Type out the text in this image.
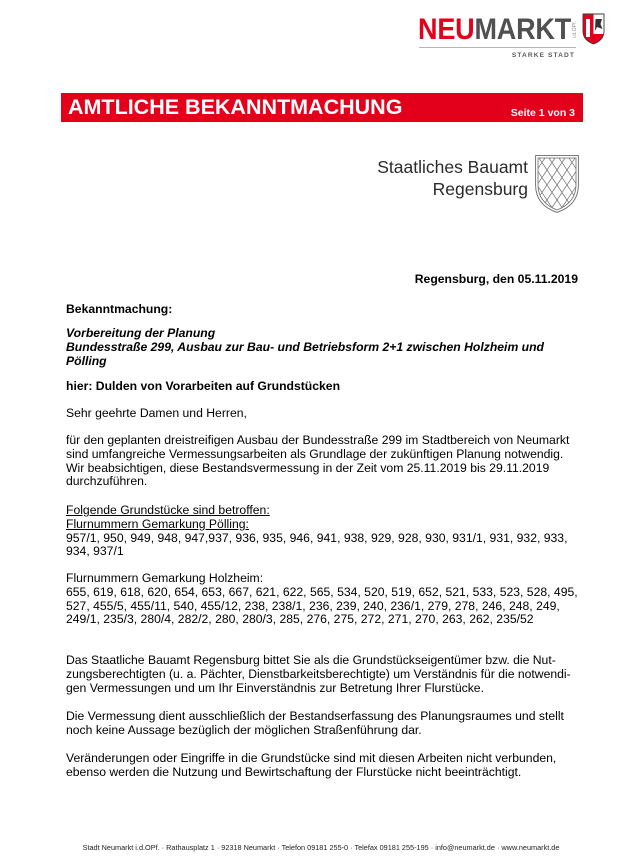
NEUMARKT i.d.OPf.
STARKE STADT
AMTLICHE BEKANNTMACHUNG	Seite 1 von 3
Staatliches Bauamt
Regensburg
Regensburg, den 05.11.2019
Bekanntmachung:
Vorbereitung der Planung
Bundesstraße 299, Ausbau zur Bau- und Betriebsform 2+1 zwischen Holzheim und
Pölling
hier: Dulden von Vorarbeiten auf Grundstücken
Sehr geehrte Damen und Herren,
für den geplanten dreistreifigen Ausbau der Bundesstraße 299 im Stadtbereich von Neumarkt
sind umfangreiche Vermessungsarbeiten als Grundlage der zukünftigen Planung notwendig.
Wir beabsichtigen, diese Bestandsvermessung in der Zeit vom 25.11.2019 bis 29.11.2019
durchzuführen.
Folgende Grundstücke sind betroffen:
Flurnummern Gemarkung Pölling:
957/1, 950, 949, 948, 947,937, 936, 935, 946, 941, 938, 929, 928, 930, 931/1, 931, 932, 933,
934, 937/1
Flurnummern Gemarkung Holzheim:
655, 619, 618, 620, 654, 653, 667, 621, 622, 565, 534, 520, 519, 652, 521, 533, 523, 528, 495,
527, 455/5, 455/11, 540, 455/12, 238, 238/1, 236, 239, 240, 236/1, 279, 278, 246, 248, 249,
249/1, 235/3, 280/4, 282/2, 280, 280/3, 285, 276, 275, 272, 271, 270, 263, 262, 235/52
Das Staatliche Bauamt Regensburg bittet Sie als die Grundstückseigentümer bzw. die Nut-
zungsberechtigten (u. a. Pächter, Dienstbarkeitsberechtigte) um Verständnis für die notwendi-
gen Vermessungen und um Ihr Einverständnis zur Betretung Ihrer Flurstücke.
Die Vermessung dient ausschließlich der Bestandserfassung des Planungsraumes und stellt
noch keine Aussage bezüglich der möglichen Straßenführung dar.
Veränderungen oder Eingriffe in die Grundstücke sind mit diesen Arbeiten nicht verbunden,
ebenso werden die Nutzung und Bewirtschaftung der Flurstücke nicht beeinträchtigt.
Stadt Neumarkt i.d.OPf. · Rathausplatz 1 · 92318 Neumarkt · Telefon 09181 255-0 · Telefax 09181 255-195 · info@neumarkt.de · www.neumarkt.de
